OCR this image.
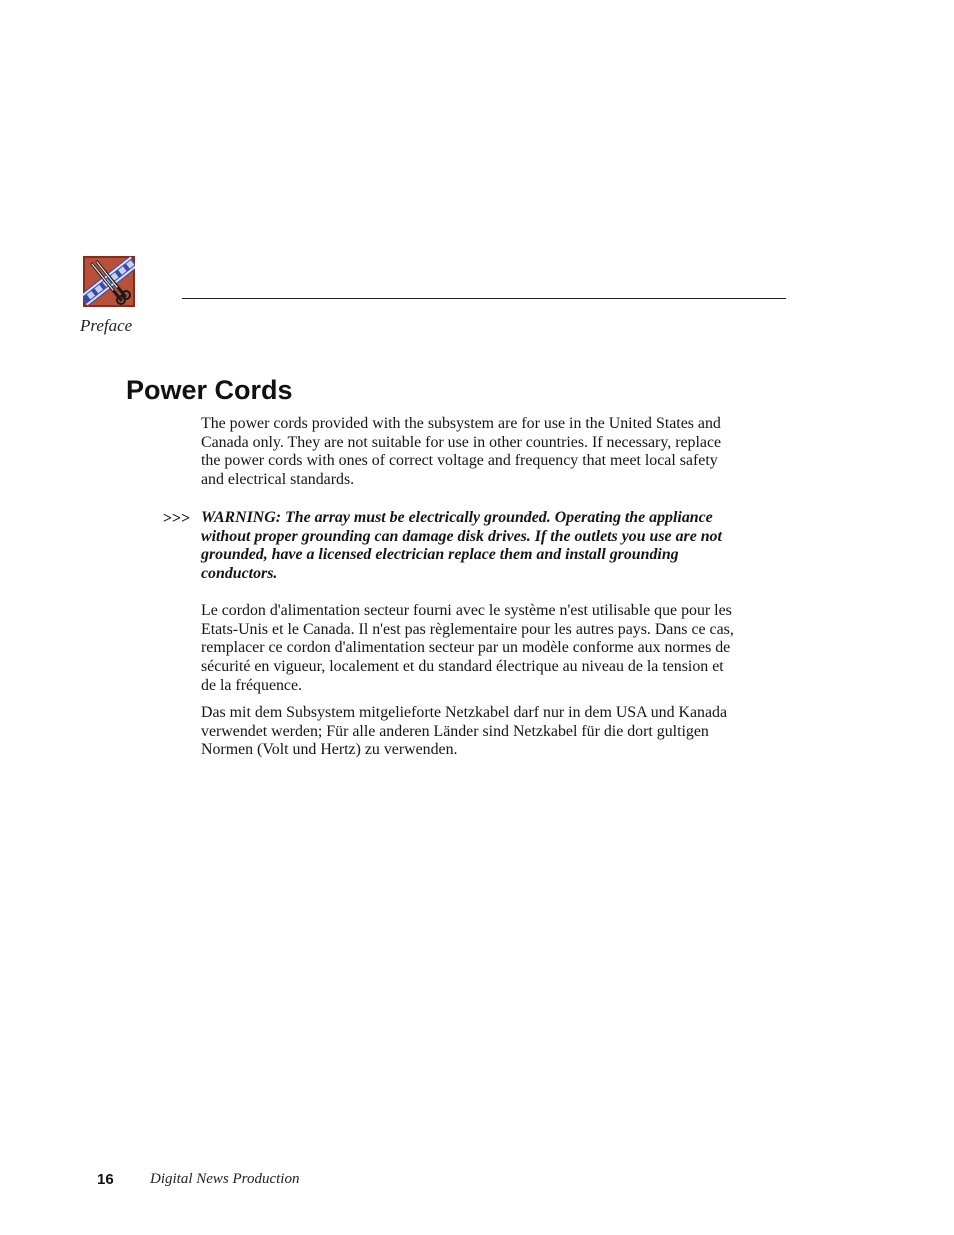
Preface
Power Cords

The power cords provided with the subsystem are for use in the United States and Canada only. They are not suitable for use in other countries. If necessary, replace the power cords with ones of correct voltage and frequency that meet local safety and electrical standards.

>>> WARNING: The array must be electrically grounded. Operating the appliance without proper grounding can damage disk drives. If the outlets you use are not grounded, have a licensed electrician replace them and install grounding conductors.

Le cordon d'alimentation secteur fourni avec le système n'est utilisable que pour les Etats-Unis et le Canada. Il n'est pas règlementaire pour les autres pays. Dans ce cas, remplacer ce cordon d'alimentation secteur par un modèle conforme aux normes de sécurité en vigueur, localement et du standard électrique au niveau de la tension et de la fréquence.

Das mit dem Subsystem mitgelieforte Netzkabel darf nur in dem USA und Kanada verwendet werden; Für alle anderen Länder sind Netzkabel für die dort gultigen Normen (Volt und Hertz) zu verwenden.

16 Digital News Production
